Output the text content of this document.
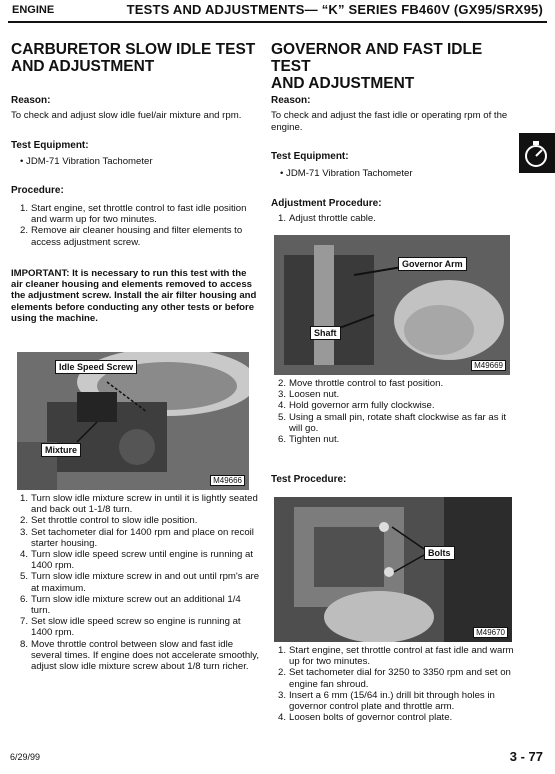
ENGINE	TESTS AND ADJUSTMENTS— “K” SERIES FB460V (GX95/SRX95)
CARBURETOR SLOW IDLE TEST
AND ADJUSTMENT
Reason:
To check and adjust slow idle fuel/air mixture and rpm.
Test Equipment:
• JDM-71 Vibration Tachometer
Procedure:
1. Start engine, set throttle control to fast idle position and warm up for two minutes.
2. Remove air cleaner housing and filter elements to access adjustment screw.
IMPORTANT: It is necessary to run this test with the air cleaner housing and elements removed to access the adjustment screw. Install the air filter housing and elements before conducting any other tests or before using the machine.
Idle Speed Screw
Mixture
M49666
1. Turn slow idle mixture screw in until it is lightly seated and back out 1-1/8 turn.
2. Set throttle control to slow idle position.
3. Set tachometer dial for 1400 rpm and place on recoil starter housing.
4. Turn slow idle speed screw until engine is running at 1400 rpm.
5. Turn slow idle mixture screw in and out until rpm's are at maximum.
6. Turn slow idle mixture screw out an additional 1/4 turn.
7. Set slow idle speed screw so engine is running at 1400 rpm.
8. Move throttle control between slow and fast idle several times. If engine does not accelerate smoothly, adjust slow idle mixture screw about 1/8 turn richer.
GOVERNOR AND FAST IDLE TEST
AND ADJUSTMENT
Reason:
To check and adjust the fast idle or operating rpm of the engine.
Test Equipment:
• JDM-71 Vibration Tachometer
Adjustment Procedure:
1. Adjust throttle cable.
Governor Arm
Shaft
M49669
2. Move throttle control to fast position.
3. Loosen nut.
4. Hold governor arm fully clockwise.
5. Using a small pin, rotate shaft clockwise as far as it will go.
6. Tighten nut.
Test Procedure:
Bolts
M49670
1. Start engine, set throttle control at fast idle and warm up for two minutes.
2. Set tachometer dial for 3250 to 3350 rpm and set on engine fan shroud.
3. Insert a 6 mm (15/64 in.) drill bit through holes in governor control plate and throttle arm.
4. Loosen bolts of governor control plate.
6/29/99	3 - 77
